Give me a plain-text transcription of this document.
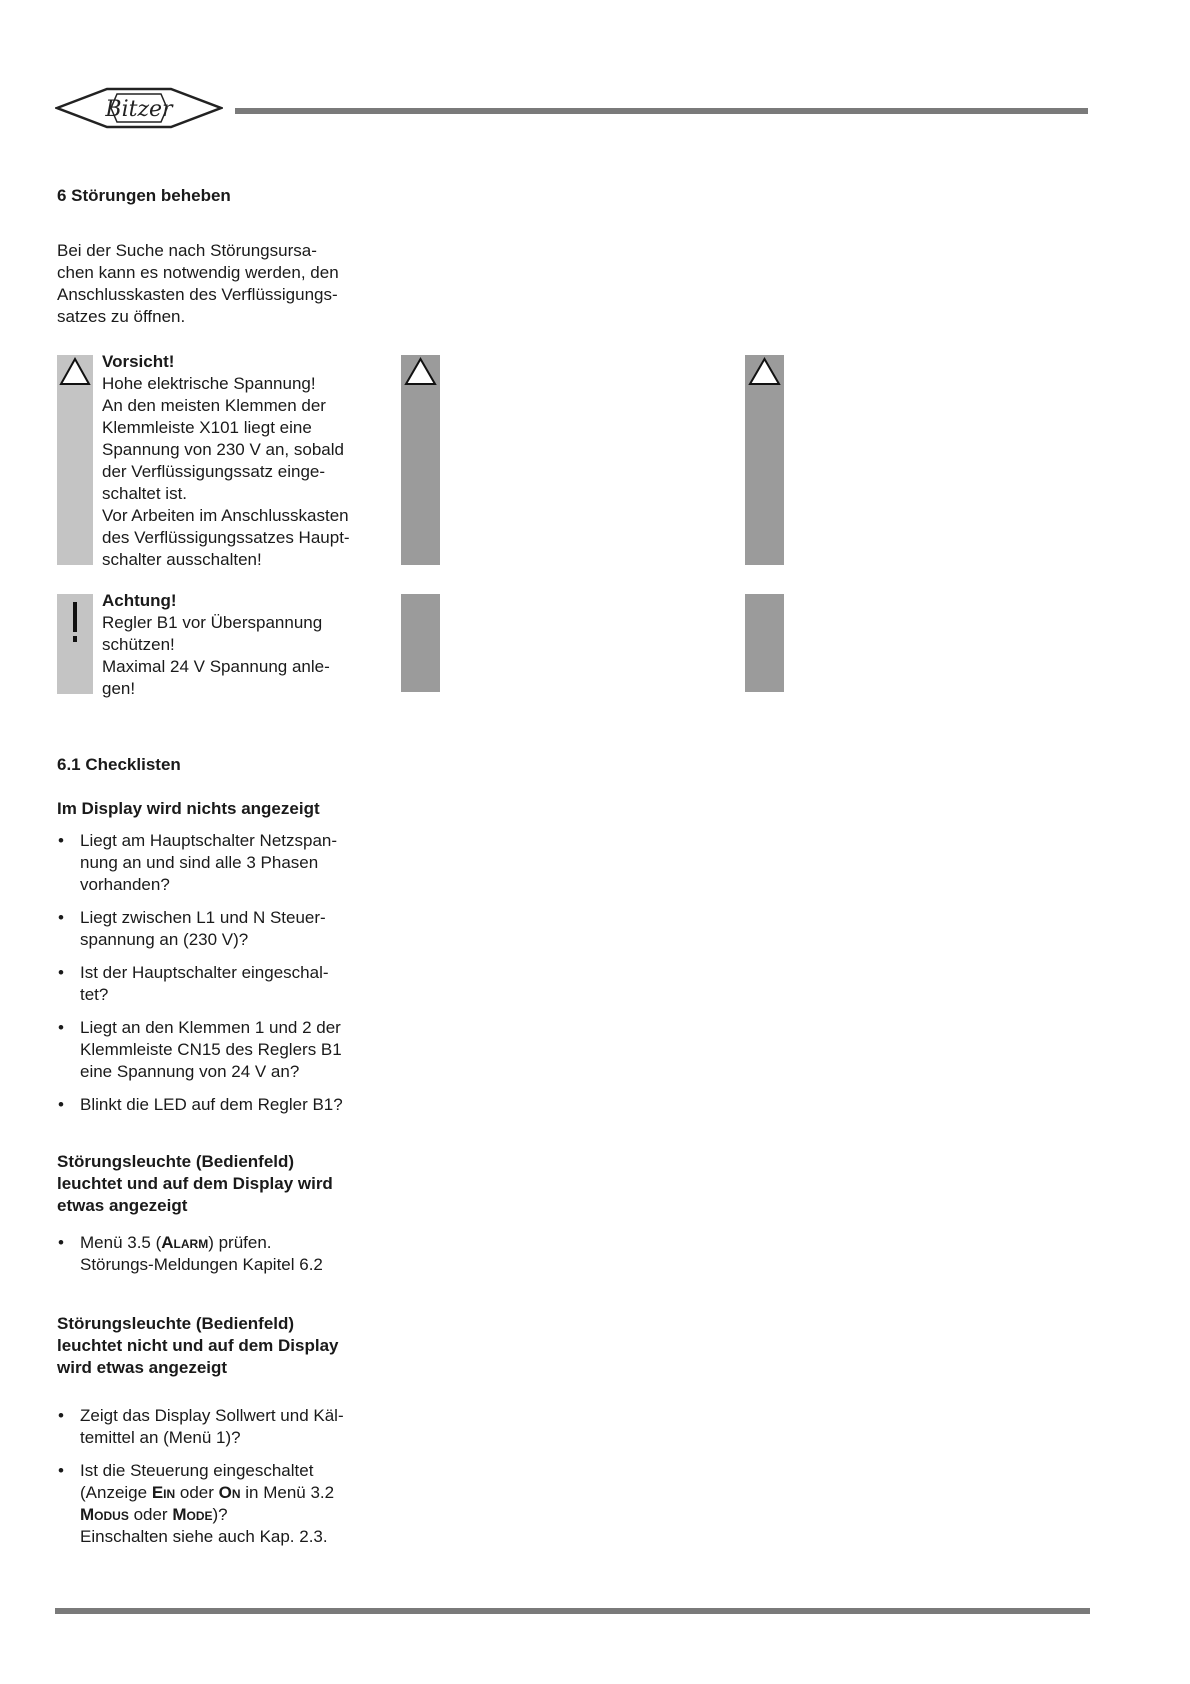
Bitzer
6 Störungen beheben
Bei der Suche nach Störungsursa-
chen kann es notwendig werden, den
Anschlusskasten des Verflüssigungs-
satzes zu öffnen.
Vorsicht!
Hohe elektrische Spannung!
An den meisten Klemmen der
Klemmleiste X101 liegt eine
Spannung von 230 V an, sobald
der Verflüssigungssatz einge-
schaltet ist.
Vor Arbeiten im Anschlusskasten
des Verflüssigungssatzes Haupt-
schalter ausschalten!
Achtung!
Regler B1 vor Überspannung
schützen!
Maximal 24 V Spannung anle-
gen!
6.1 Checklisten
Im Display wird nichts angezeigt
• Liegt am Hauptschalter Netzspan-
nung an und sind alle 3 Phasen
vorhanden?
• Liegt zwischen L1 und N Steuer-
spannung an (230 V)?
• Ist der Hauptschalter eingeschal-
tet?
• Liegt an den Klemmen 1 und 2 der
Klemmleiste CN15 des Reglers B1
eine Spannung von 24 V an?
• Blinkt die LED auf dem Regler B1?
Störungsleuchte (Bedienfeld)
leuchtet und auf dem Display wird
etwas angezeigt
• Menü 3.5 (Alarm) prüfen.
Störungs-Meldungen Kapitel 6.2
Störungsleuchte (Bedienfeld)
leuchtet nicht und auf dem Display
wird etwas angezeigt
• Zeigt das Display Sollwert und Käl-
temittel an (Menü 1)?
• Ist die Steuerung eingeschaltet
(Anzeige Ein oder On in Menü 3.2
Modus oder Mode)?
Einschalten siehe auch Kap. 2.3.
